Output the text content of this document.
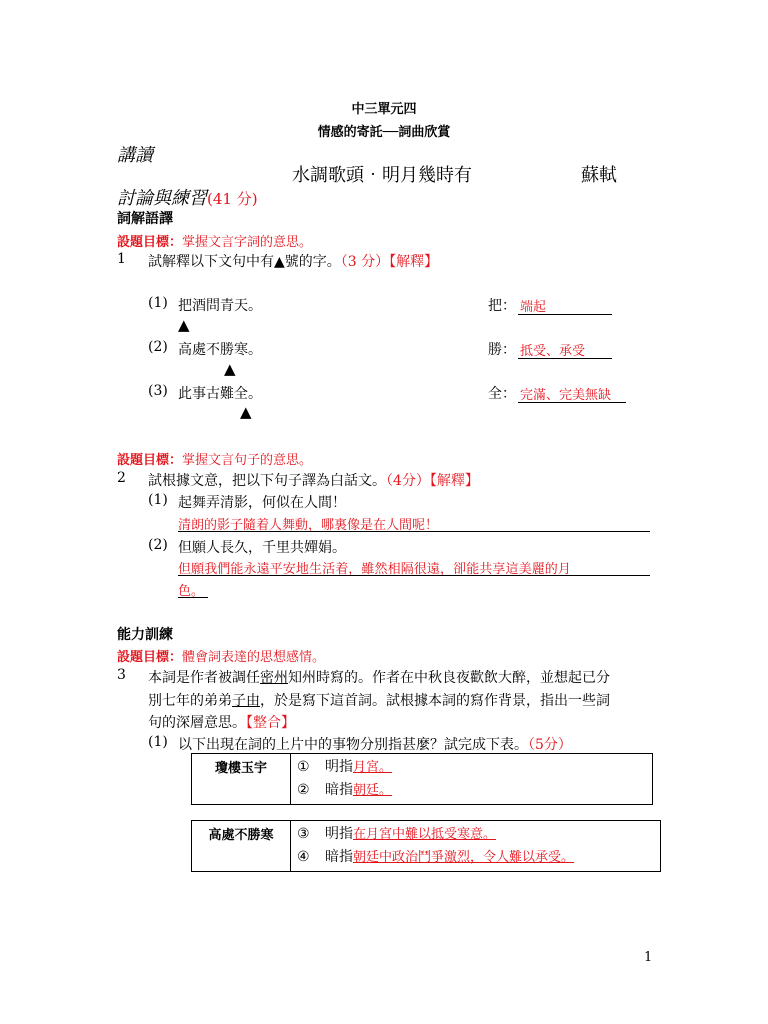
中三單元四
情感的寄託──詞曲欣賞
講讀
水調歌頭‧明月幾時有	蘇軾
討論與練習(41 分)
詞解語譯
設題目標：掌握文言字詞的意思。
1 試解釋以下文句中有▲號的字。（3 分）【解釋】
(1) 把酒問青天。
▲
把： 端起
(2) 高處不勝寒。
▲
勝： 抵受、承受
(3) 此事古難全。
▲
全： 完滿、完美無缺
設題目標：掌握文言句子的意思。
2 試根據文意，把以下句子譯為白話文。（4分）【解釋】
(1) 起舞弄清影，何似在人間！
清朗的影子隨着人舞動，哪裏像是在人間呢！
(2) 但願人長久，千里共嬋娟。
但願我們能永遠平安地生活着，雖然相隔很遠，卻能共享這美麗的月
色。
能力訓練
設題目標：體會詞表達的思想感情。
3 本詞是作者被調任密州知州時寫的。作者在中秋良夜歡飲大醉，並想起已分
別七年的弟弟子由，於是寫下這首詞。試根據本詞的寫作背景，指出一些詞
句的深層意思。【整合】
(1) 以下出現在詞的上片中的事物分別指甚麼？試完成下表。（5分）
瓊樓玉宇	① 明指月宮。
② 暗指朝廷。
高處不勝寒	③ 明指在月宮中難以抵受寒意。
④ 暗指朝廷中政治鬥爭激烈，令人難以承受。
1
